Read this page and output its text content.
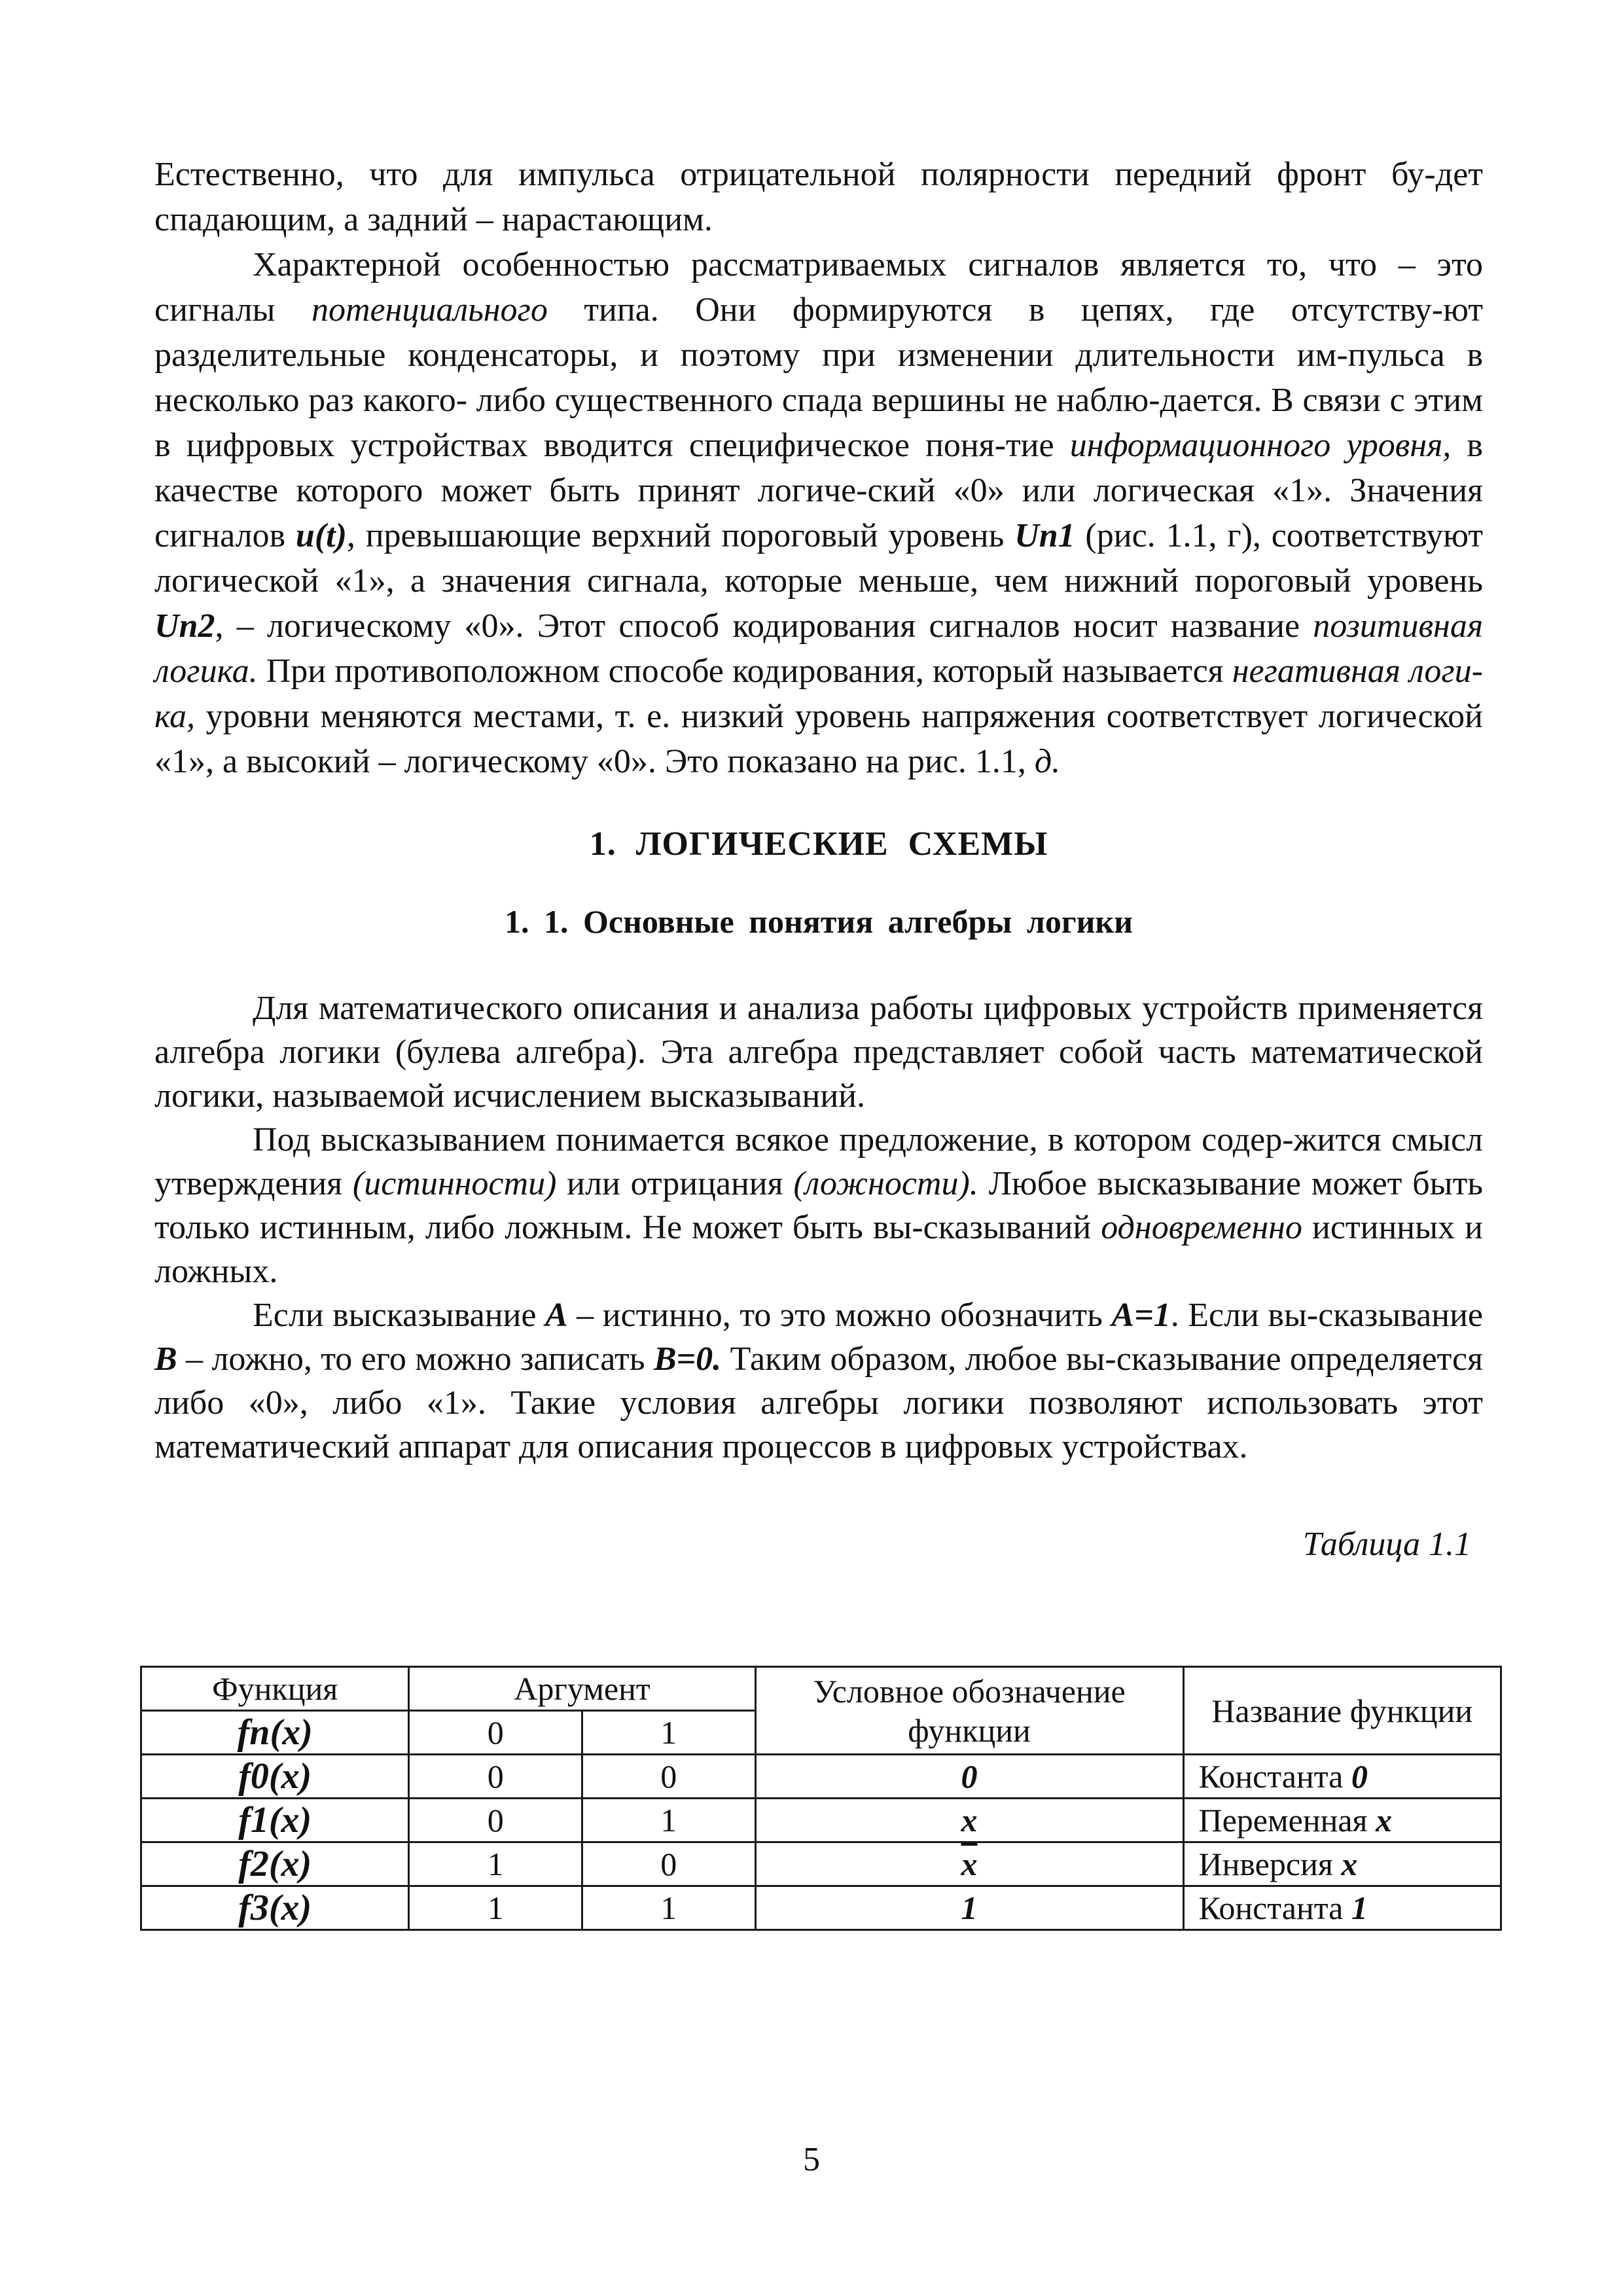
Естественно, что для импульса отрицательной полярности передний фронт бу-дет спадающим, а задний – нарастающим.

Характерной особенностью рассматриваемых сигналов является то, что – это сигналы потенциального типа. Они формируются в цепях, где отсутству-ют разделительные конденсаторы, и поэтому при изменении длительности им-пульса в несколько раз какого- либо существенного спада вершины не наблю-дается. В связи с этим в цифровых устройствах вводится специфическое поня-тие информационного уровня, в качестве которого может быть принят логиче-ский «0» или логическая «1». Значения сигналов u(t), превышающие верхний пороговый уровень Uп1 (рис. 1.1, г), соответствуют логической «1», а значения сигнала, которые меньше, чем нижний пороговый уровень Uп2, – логическому «0». Этот способ кодирования сигналов носит название позитивная логика. При противоположном способе кодирования, который называется негативная логи-ка, уровни меняются местами, т. е. низкий уровень напряжения соответствует логической «1», а высокий – логическому «0». Это показано на рис. 1.1, д.

1. ЛОГИЧЕСКИЕ СХЕМЫ
1. 1. Основные понятия алгебры логики

Для математического описания и анализа работы цифровых устройств применяется алгебра логики (булева алгебра). Эта алгебра представляет собой часть математической логики, называемой исчислением высказываний.

Под высказыванием понимается всякое предложение, в котором содер-жится смысл утверждения (истинности) или отрицания (ложности). Любое высказывание может быть только истинным, либо ложным. Не может быть вы-сказываний одновременно истинных и ложных.

Если высказывание A – истинно, то это можно обозначить A=1. Если вы-сказывание B – ложно, то его можно записать B=0. Таким образом, любое вы-сказывание определяется либо «0», либо «1». Такие условия алгебры логики позволяют использовать этот математический аппарат для описания процессов в цифровых устройствах.

Таблица 1.1
Функция	Аргумент		Условное обозначение функции	Название функции
fn(x)	0	1		
f0(x)	0	0	0	Константа 0
f1(x)	0	1	x	Переменная x
f2(x)	1	0	$\overline{x}$	Инверсия x
f3(x)	1	1	1	Константа 1
5
